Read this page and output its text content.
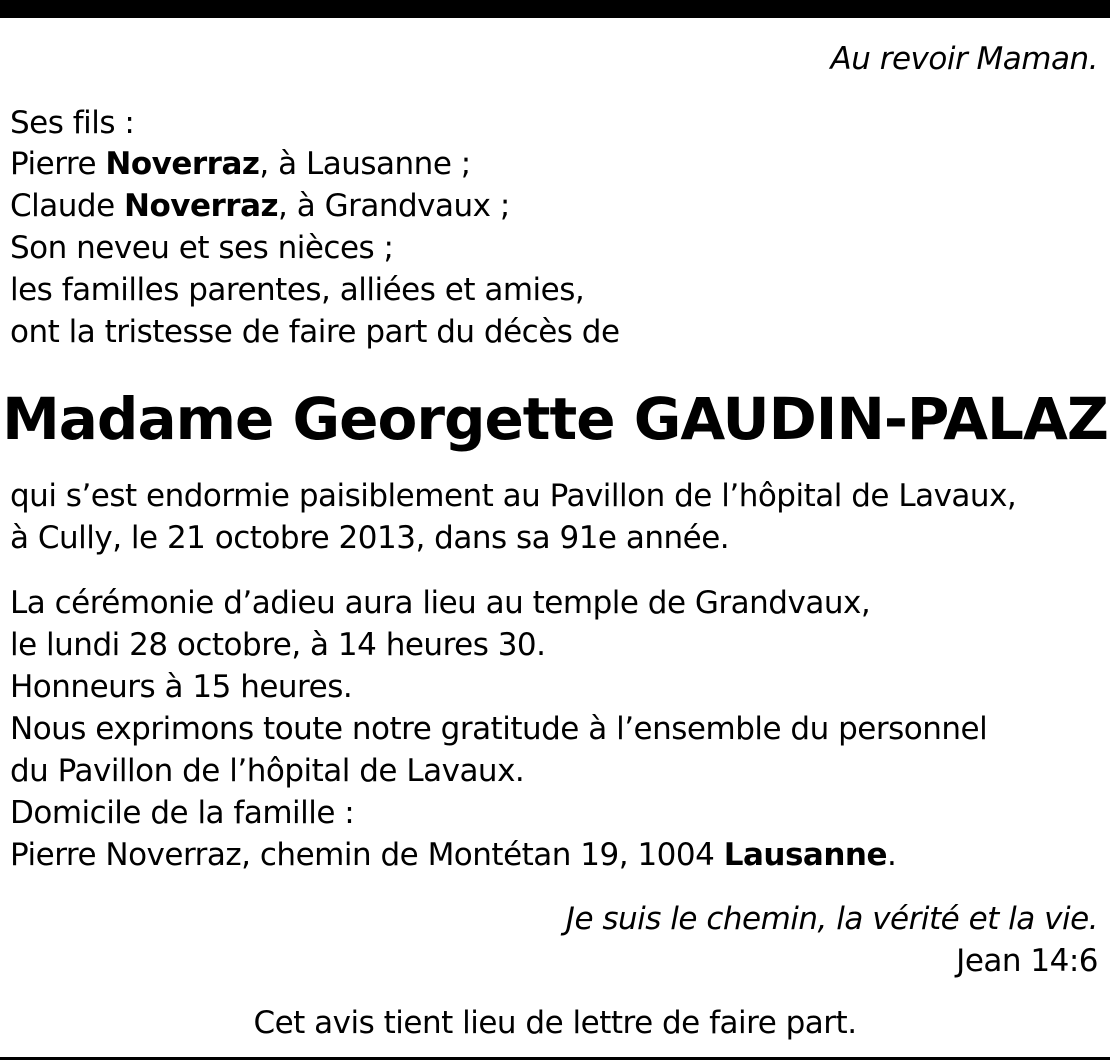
Au revoir Maman.
Ses fils :
Pierre Noverraz, à Lausanne ;
Claude Noverraz, à Grandvaux ;
Son neveu et ses nièces ;
les familles parentes, alliées et amies,
ont la tristesse de faire part du décès de
Madame Georgette GAUDIN-PALAZ
qui s’est endormie paisiblement au Pavillon de l’hôpital de Lavaux,
à Cully, le 21 octobre 2013, dans sa 91e année.
La cérémonie d’adieu aura lieu au temple de Grandvaux,
le lundi 28 octobre, à 14 heures 30.
Honneurs à 15 heures.
Nous exprimons toute notre gratitude à l’ensemble du personnel
du Pavillon de l’hôpital de Lavaux.
Domicile de la famille :
Pierre Noverraz, chemin de Montétan 19, 1004 Lausanne.
Je suis le chemin, la vérité et la vie.
Jean 14:6
Cet avis tient lieu de lettre de faire part.
